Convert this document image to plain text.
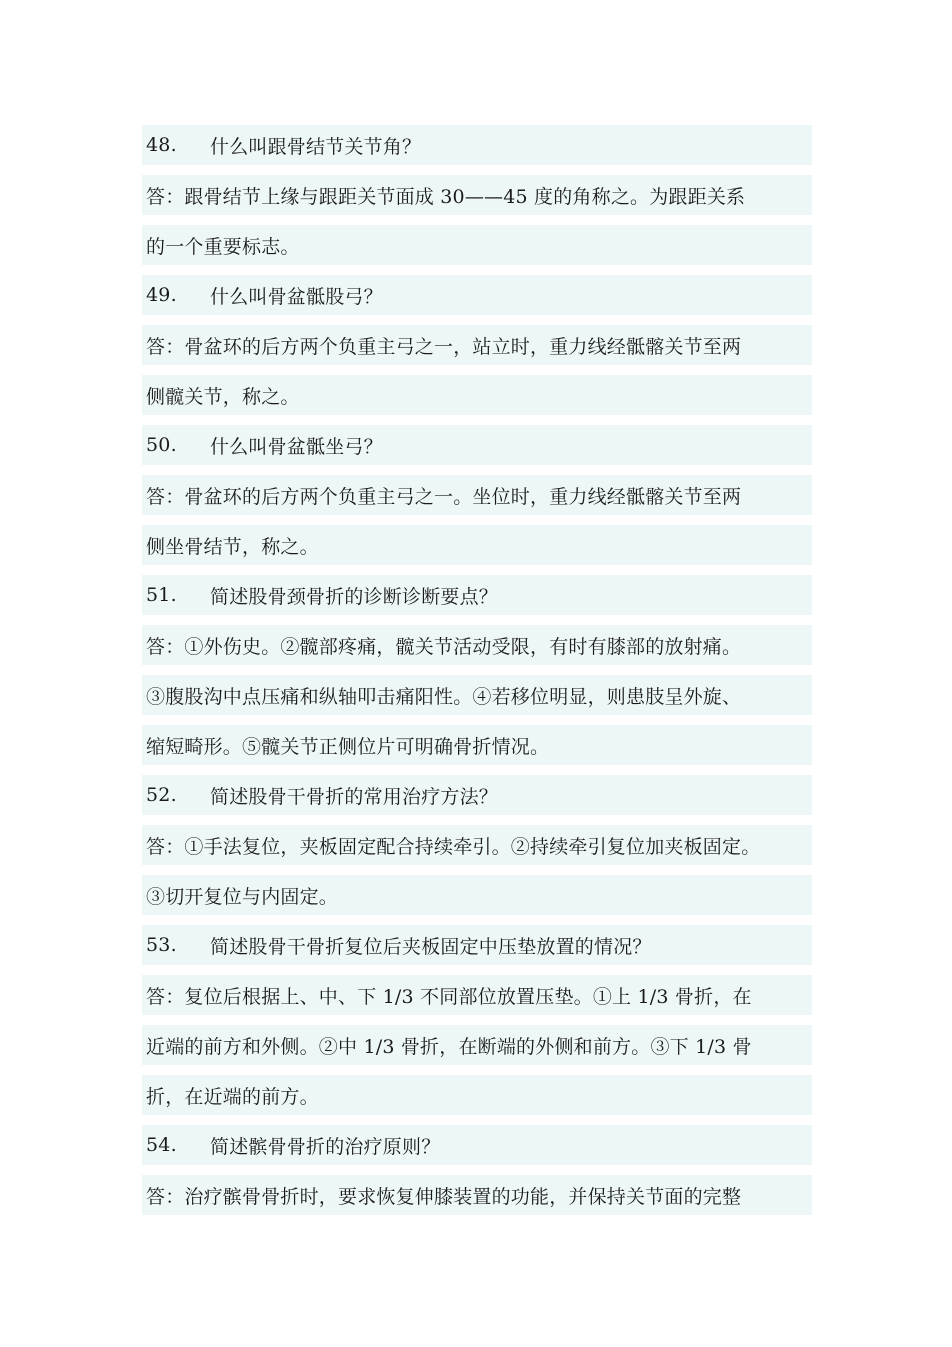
48.	什么叫跟骨结节关节角？
答：跟骨结节上缘与跟距关节面成 30——45 度的角称之。为跟距关系
的一个重要标志。
49.	什么叫骨盆骶股弓？
答：骨盆环的后方两个负重主弓之一，站立时，重力线经骶髂关节至两
侧髋关节，称之。
50.	什么叫骨盆骶坐弓？
答：骨盆环的后方两个负重主弓之一。坐位时，重力线经骶髂关节至两
侧坐骨结节，称之。
51.	简述股骨颈骨折的诊断诊断要点？
答：①外伤史。②髋部疼痛，髋关节活动受限，有时有膝部的放射痛。
③腹股沟中点压痛和纵轴叩击痛阳性。④若移位明显，则患肢呈外旋、
缩短畸形。⑤髋关节正侧位片可明确骨折情况。
52.	简述股骨干骨折的常用治疗方法？
答：①手法复位，夹板固定配合持续牵引。②持续牵引复位加夹板固定。
③切开复位与内固定。
53.	简述股骨干骨折复位后夹板固定中压垫放置的情况？
答：复位后根据上、中、下 1/3 不同部位放置压垫。①上 1/3 骨折，在
近端的前方和外侧。②中 1/3 骨折，在断端的外侧和前方。③下 1/3 骨
折，在近端的前方。
54.	简述髌骨骨折的治疗原则？
答：治疗髌骨骨折时，要求恢复伸膝装置的功能，并保持关节面的完整
